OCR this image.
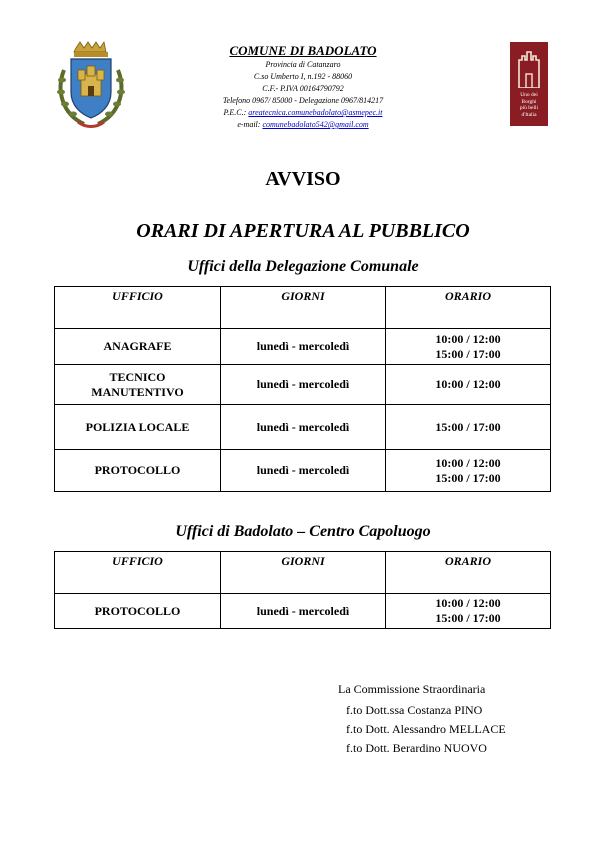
COMUNE DI BADOLATO
Provincia di Catanzaro
C.so Umberto I, n.192 - 88060
C.F.- P.IVA 00164790792
Telefono 0967/ 85000 - Delegazione 0967/814217
P.E.C.: areatecnica.comunebadolato@asmepec.it
e-mail: comunebadolato542@gmail.com
Uno dei
Borghi
più belli
d'Italia
AVVISO
ORARI DI APERTURA AL PUBBLICO
Uffici della Delegazione Comunale
UFFICIO	GIORNI	ORARIO
ANAGRAFE	lunedì - mercoledì	10:00 / 12:00
15:00 / 17:00

TECNICO
MANUTENTIVO	lunedì - mercoledì	10:00 / 12:00

POLIZIA LOCALE	lunedì - mercoledì	15:00 / 17:00

PROTOCOLLO	lunedì - mercoledì	10:00 / 12:00
15:00 / 17:00
Uffici di Badolato – Centro Capoluogo
UFFICIO	GIORNI	ORARIO
PROTOCOLLO	lunedì - mercoledì	10:00 / 12:00
15:00 / 17:00
La Commissione Straordinaria
f.to Dott.ssa Costanza PINO
f.to Dott. Alessandro MELLACE
f.to Dott. Berardino NUOVO
